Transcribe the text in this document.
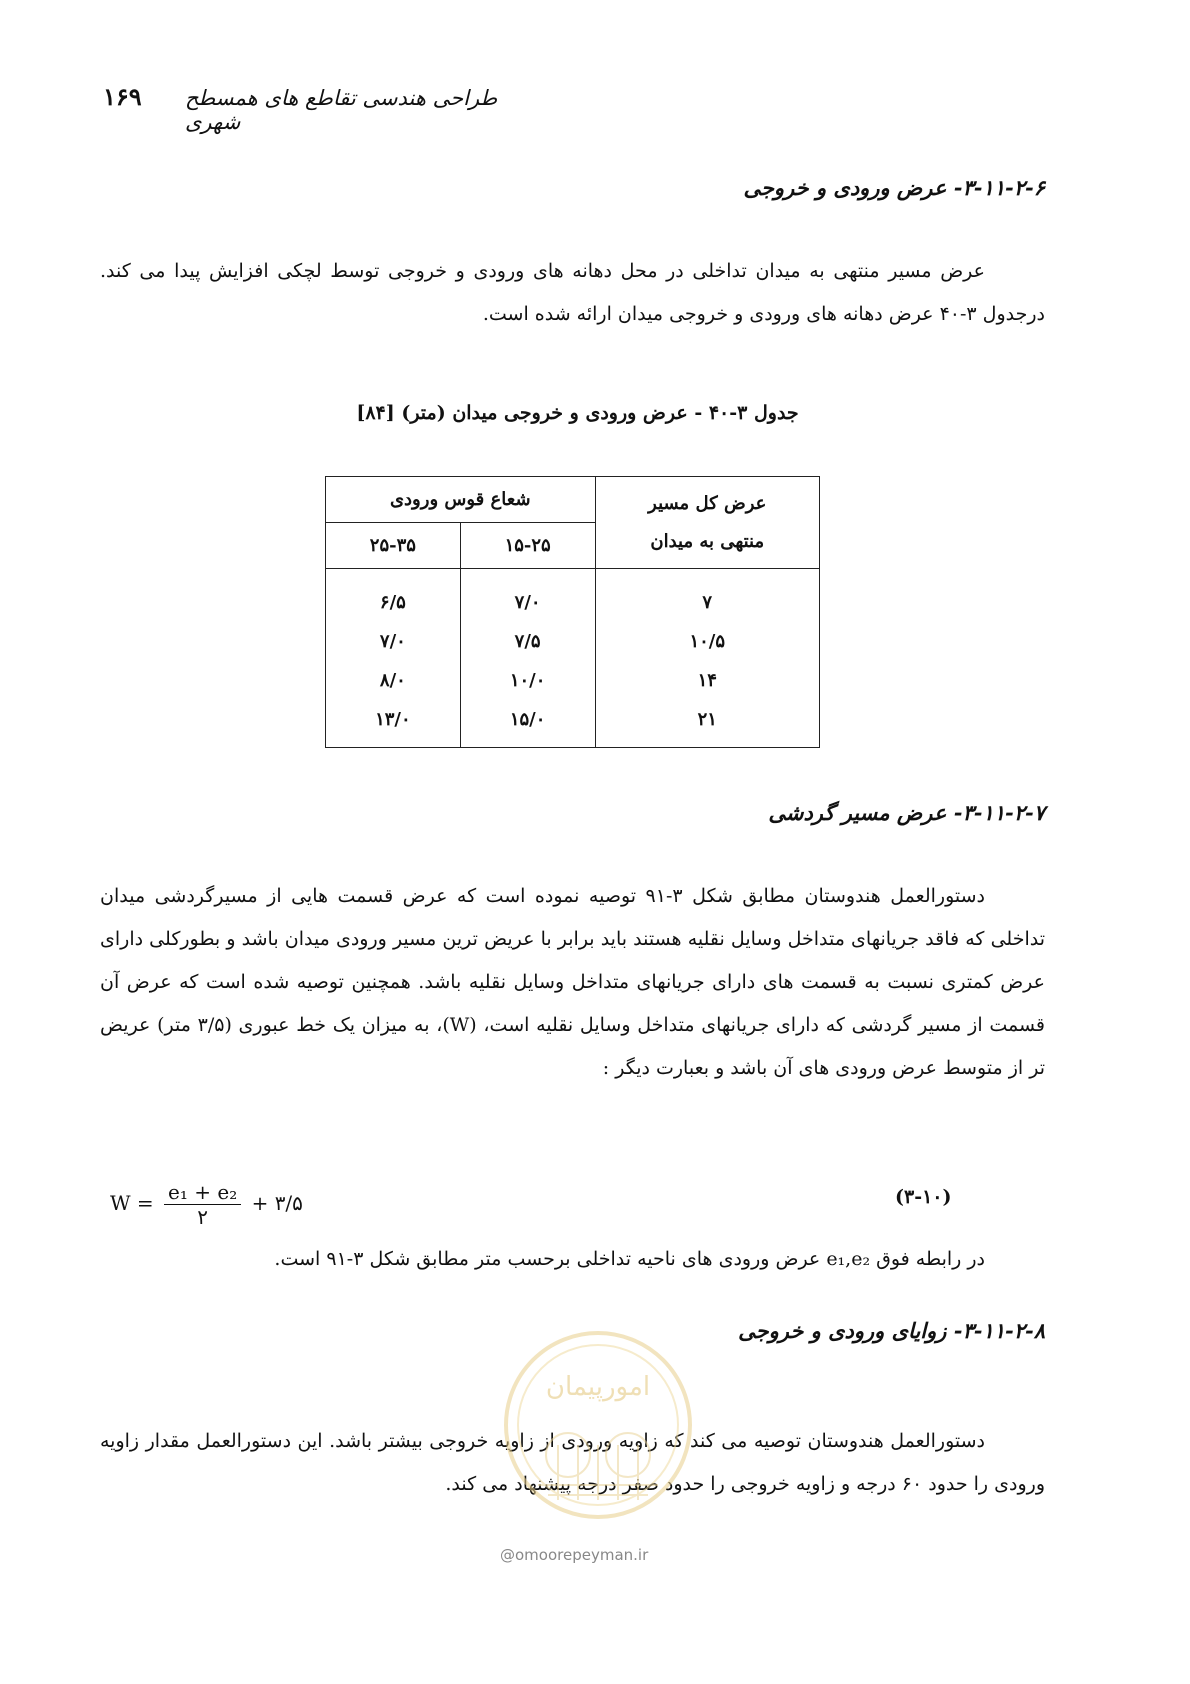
۱۶۹ طراحی هندسی تقاطع های همسطح شهری
۳-۱۱-۲-۶- عرض ورودی و خروجی

عرض مسیر منتهی به میدان تداخلی در محل دهانه های ورودی و خروجی توسط لچکی افزایش پیدا می کند. درجدول ۳-۴۰ عرض دهانه های ورودی و خروجی میدان ارائه شده است.

جدول ۳-۴۰ - عرض ورودی و خروجی میدان (متر) [۸۴]
عرض کل مسیر
منتهی به میدان	شعاع قوس ورودی	
	۱۵-۲۵	۲۵-۳۵
۷	۷/۰	۶/۵
۱۰/۵	۷/۵	۷/۰
۱۴	۱۰/۰	۸/۰
۲۱	۱۵/۰	۱۳/۰
۳-۱۱-۲-۷- عرض مسیر گردشی

دستورالعمل هندوستان مطابق شکل ۳-۹۱ توصیه نموده است که عرض قسمت هایی از مسیرگردشی میدان تداخلی که فاقد جریانهای متداخل وسایل نقلیه هستند باید برابر با عریض ترین مسیر ورودی میدان باشد و بطورکلی دارای عرض کمتری نسبت به قسمت های دارای جریانهای متداخل وسایل نقلیه باشد. همچنین توصیه شده است که عرض آن قسمت از مسیر گردشی که دارای جریانهای متداخل وسایل نقلیه است، (W)، به میزان یک خط عبوری (۳/۵ متر) عریض تر از متوسط عرض ورودی های آن باشد و بعبارت دیگر :

$W = \frac{\text{e₁ + e₂}}{۲}$ + ۳/۵	(۳-۱۰)

در رابطه فوق e₁,e₂ عرض ورودی های ناحیه تداخلی برحسب متر مطابق شکل ۳-۹۱ است.

۳-۱۱-۲-۸- زوایای ورودی و خروجی

دستورالعمل هندوستان توصیه می کند که زاویه ورودی از زاویه خروجی بیشتر باشد. این دستورالعمل مقدار زاویه ورودی را حدود ۶۰ درجه و زاویه خروجی را حدود صفر درجه پیشنهاد می کند.

امورپیمان
@omoorepeyman.ir
